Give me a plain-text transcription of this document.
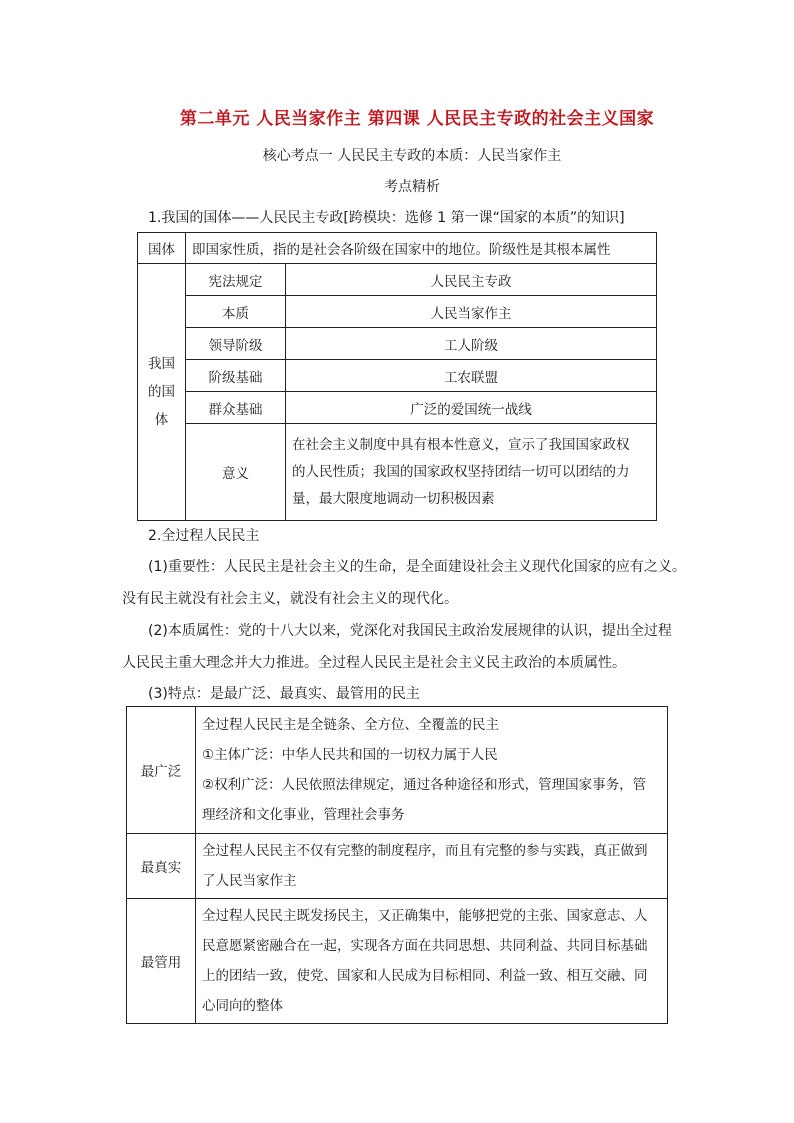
第二单元 人民当家作主 第四课 人民民主专政的社会主义国家
核心考点一 人民民主专政的本质：人民当家作主
考点精析
1.我国的国体——人民民主专政[跨模块：选修 1 第一课“国家的本质”的知识]
国体	即国家性质，指的是社会各阶级在国家中的地位。阶级性是其根本属性	

我国
的国
体	宪法规定	人民民主专政
	本质	人民当家作主
	领导阶级	工人阶级
	阶级基础	工农联盟
	群众基础	广泛的爱国统一战线
	意义	在社会主义制度中具有根本性意义，宣示了我国国家政权
的人民性质；我国的国家政权坚持团结一切可以团结的力
量，最大限度地调动一切积极因素
2.全过程人民民主
(1)重要性：人民民主是社会主义的生命，是全面建设社会主义现代化国家的应有之义。
没有民主就没有社会主义，就没有社会主义的现代化。
(2)本质属性：党的十八大以来，党深化对我国民主政治发展规律的认识，提出全过程
人民民主重大理念并大力推进。全过程人民民主是社会主义民主政治的本质属性。
(3)特点：是最广泛、最真实、最管用的民主
最广泛	全过程人民民主是全链条、全方位、全覆盖的民主
①主体广泛：中华人民共和国的一切权力属于人民
②权利广泛：人民依照法律规定，通过各种途径和形式，管理国家事务，管
理经济和文化事业，管理社会事务

最真实	全过程人民民主不仅有完整的制度程序，而且有完整的参与实践，真正做到
了人民当家作主

最管用	全过程人民民主既发扬民主，又正确集中，能够把党的主张、国家意志、人
民意愿紧密融合在一起，实现各方面在共同思想、共同利益、共同目标基础
上的团结一致，使党、国家和人民成为目标相同、利益一致、相互交融、同
心同向的整体
